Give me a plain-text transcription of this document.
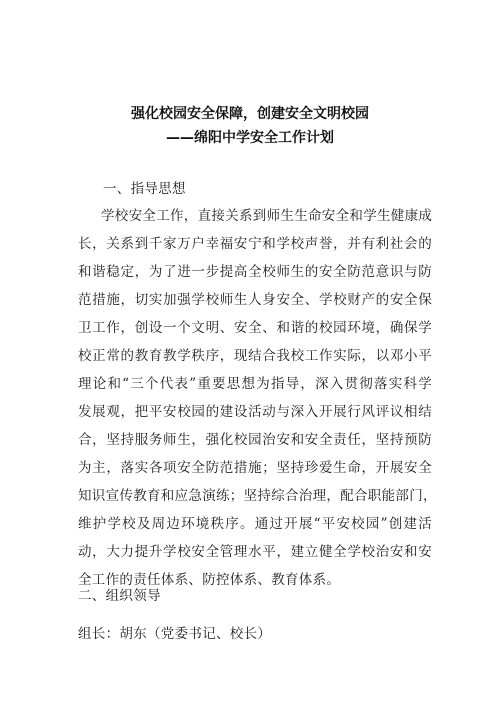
强化校园安全保障，创建安全文明校园
——绵阳中学安全工作计划
一、指导思想
学校安全工作，直接关系到师生生命安全和学生健康成
长，关系到千家万户幸福安宁和学校声誉，并有利社会的
和谐稳定，为了进一步提高全校师生的安全防范意识与防
范措施，切实加强学校师生人身安全、学校财产的安全保
卫工作，创设一个文明、安全、和谐的校园环境，确保学
校正常的教育教学秩序，现结合我校工作实际，以邓小平
理论和“三个代表”重要思想为指导，深入贯彻落实科学
发展观，把平安校园的建设活动与深入开展行风评议相结
合，坚持服务师生，强化校园治安和安全责任，坚持预防
为主，落实各项安全防范措施；坚持珍爱生命，开展安全
知识宣传教育和应急演练；坚持综合治理，配合职能部门，
维护学校及周边环境秩序。通过开展“平安校园”创建活
动，大力提升学校安全管理水平，建立健全学校治安和安
全工作的责任体系、防控体系、教育体系。
二、组织领导
组长：胡东（党委书记、校长）
